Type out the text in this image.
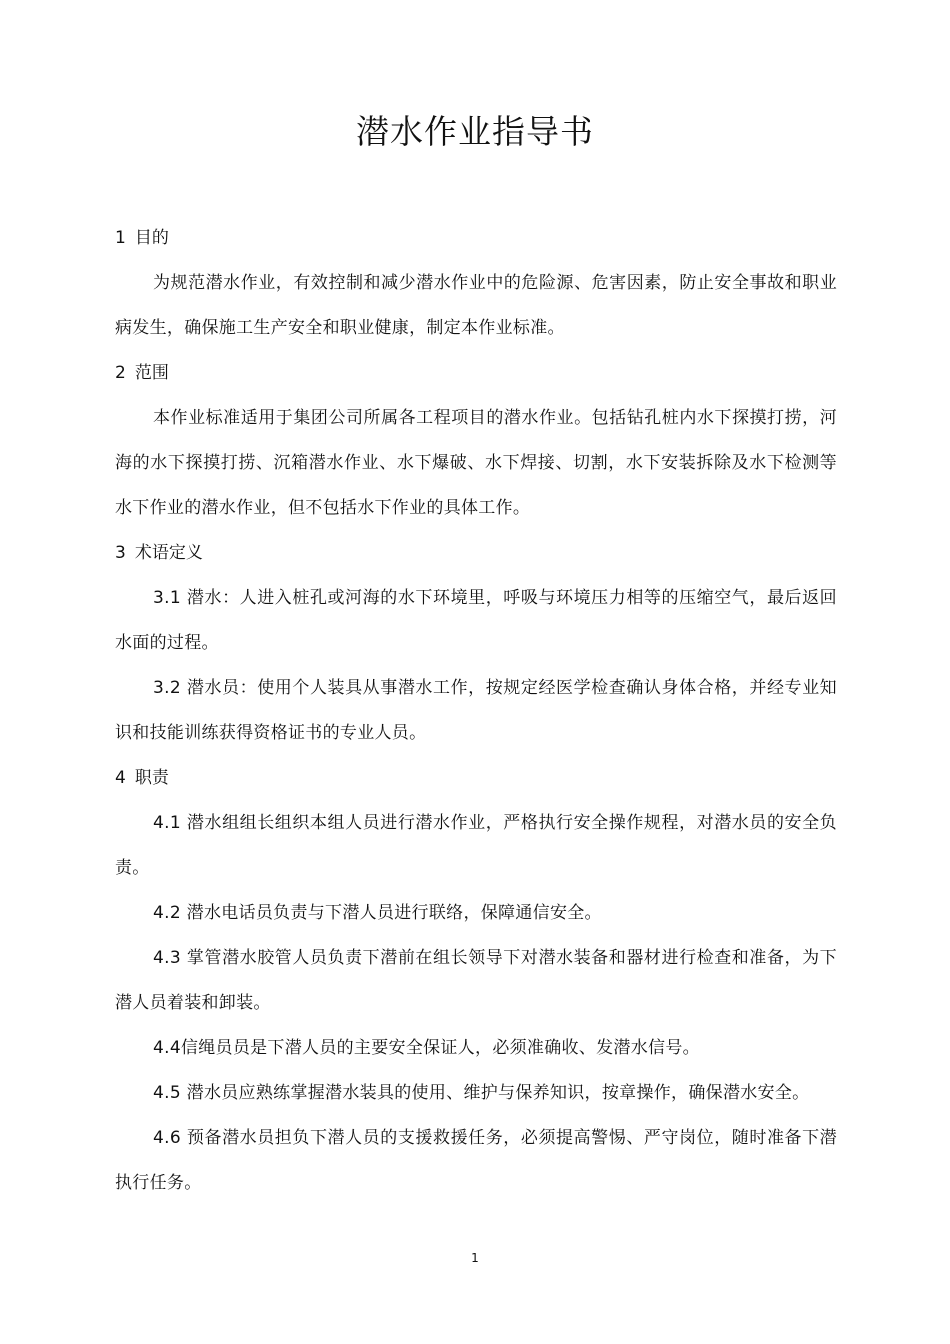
潜水作业指导书

1 目的

为规范潜水作业，有效控制和减少潜水作业中的危险源、危害因素，防止安全事故和职业病发生，确保施工生产安全和职业健康，制定本作业标准。

2 范围

本作业标准适用于集团公司所属各工程项目的潜水作业。包括钻孔桩内水下探摸打捞，河海的水下探摸打捞、沉箱潜水作业、水下爆破、水下焊接、切割，水下安装拆除及水下检测等水下作业的潜水作业，但不包括水下作业的具体工作。

3 术语定义

3.1 潜水：人进入桩孔或河海的水下环境里，呼吸与环境压力相等的压缩空气，最后返回水面的过程。

3.2 潜水员：使用个人装具从事潜水工作，按规定经医学检查确认身体合格，并经专业知识和技能训练获得资格证书的专业人员。

4 职责

4.1 潜水组组长组织本组人员进行潜水作业，严格执行安全操作规程，对潜水员的安全负责。

4.2 潜水电话员负责与下潜人员进行联络，保障通信安全。

4.3 掌管潜水胶管人员负责下潜前在组长领导下对潜水装备和器材进行检查和准备，为下潜人员着装和卸装。

4.4信绳员员是下潜人员的主要安全保证人，必须准确收、发潜水信号。

4.5 潜水员应熟练掌握潜水装具的使用、维护与保养知识，按章操作，确保潜水安全。

4.6 预备潜水员担负下潜人员的支援救援任务，必须提高警惕、严守岗位，随时准备下潜执行任务。

1
